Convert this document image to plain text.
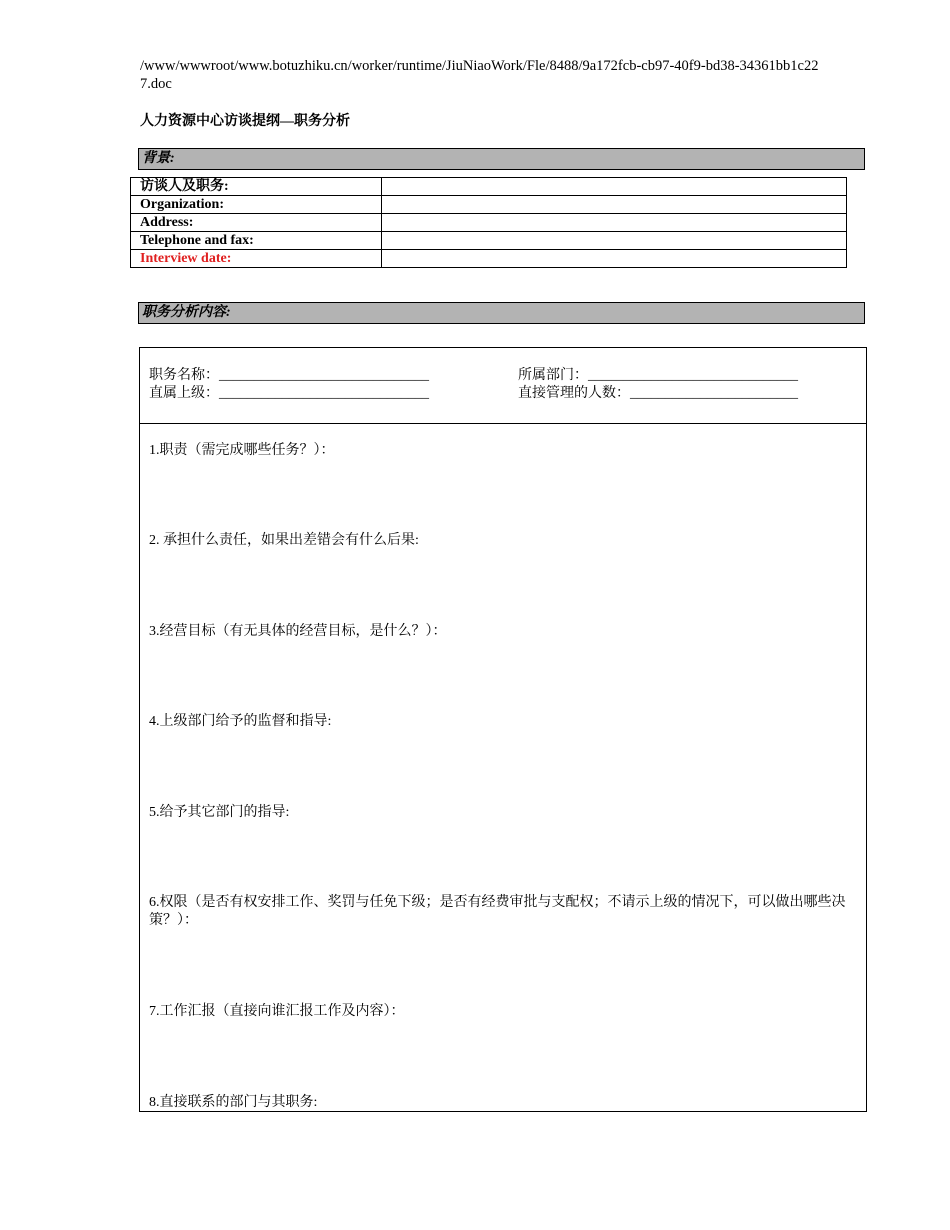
/www/wwwroot/www.botuzhiku.cn/worker/runtime/JiuNiaoWork/Fle/8488/9a172fcb-cb97-40f9-bd38-34361bb1c227.doc
人力资源中心访谈提纲—职务分析
背景:
访谈人及职务:	
Organization:	
Address:	
Telephone and fax:	
Interview date:	
职务分析内容:
职务名称：______________________________	所属部门：______________________________
直属上级：______________________________	直接管理的人数：________________________
1.职责（需完成哪些任务？）：
2. 承担什么责任，如果出差错会有什么后果:
3.经营目标（有无具体的经营目标，是什么？）：
4.上级部门给予的监督和指导:
5.给予其它部门的指导:
6.权限（是否有权安排工作、奖罚与任免下级；是否有经费审批与支配权；不请示上级的情况下，可以做出哪些决策？）：
7.工作汇报（直接向谁汇报工作及内容）：
8.直接联系的部门与其职务:
